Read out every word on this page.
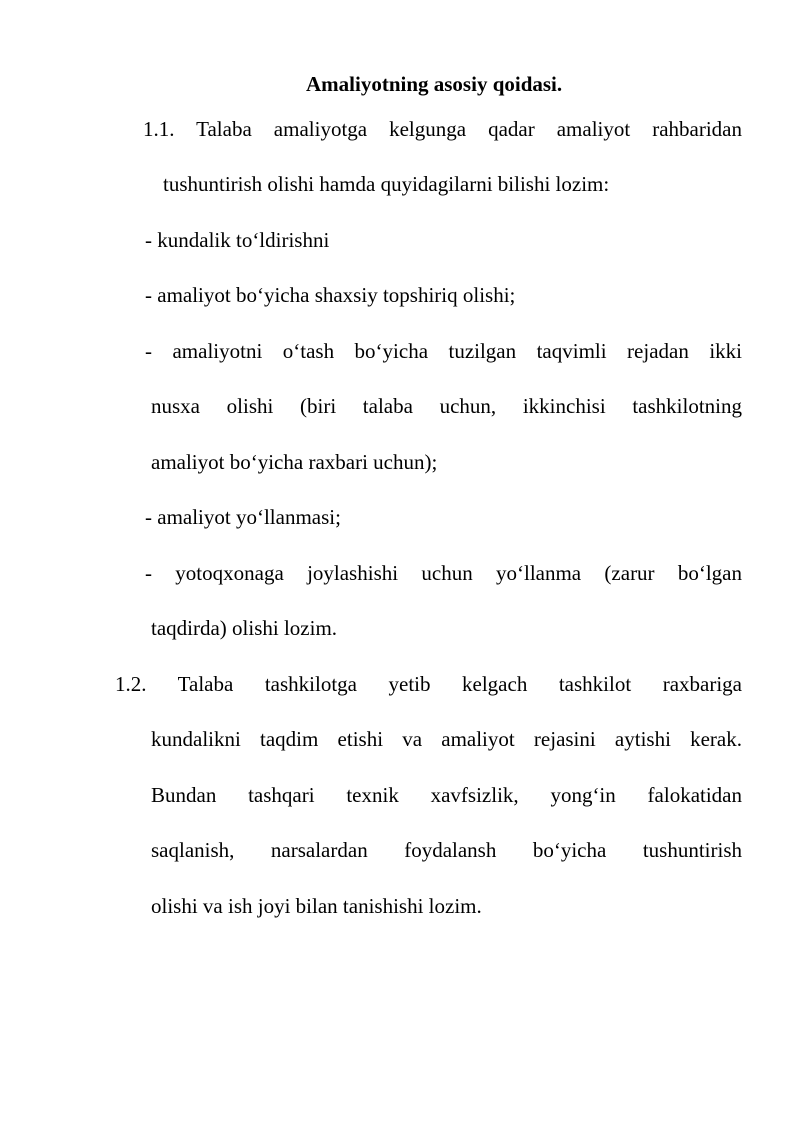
Amaliyotning asosiy qoidasi.
1.1. Talaba amaliyotga kelgunga qadar amaliyot rahbaridan
tushuntirish olishi hamda quyidagilarni bilishi lozim:
- kundalik to‘ldirishni
- amaliyot bo‘yicha shaxsiy topshiriq olishi;
- amaliyotni o‘tash bo‘yicha tuzilgan taqvimli rejadan ikki
nusxa olishi (biri talaba uchun, ikkinchisi tashkilotning
amaliyot bo‘yicha raxbari uchun);
- amaliyot yo‘llanmasi;
- yotoqxonaga joylashishi uchun yo‘llanma (zarur bo‘lgan
taqdirda) olishi lozim.
1.2. Talaba tashkilotga yetib kelgach tashkilot raxbariga
kundalikni taqdim etishi va amaliyot rejasini aytishi kerak.
Bundan tashqari texnik xavfsizlik, yong‘in falokatidan
saqlanish, narsalardan foydalansh bo‘yicha tushuntirish
olishi va ish joyi bilan tanishishi lozim.
